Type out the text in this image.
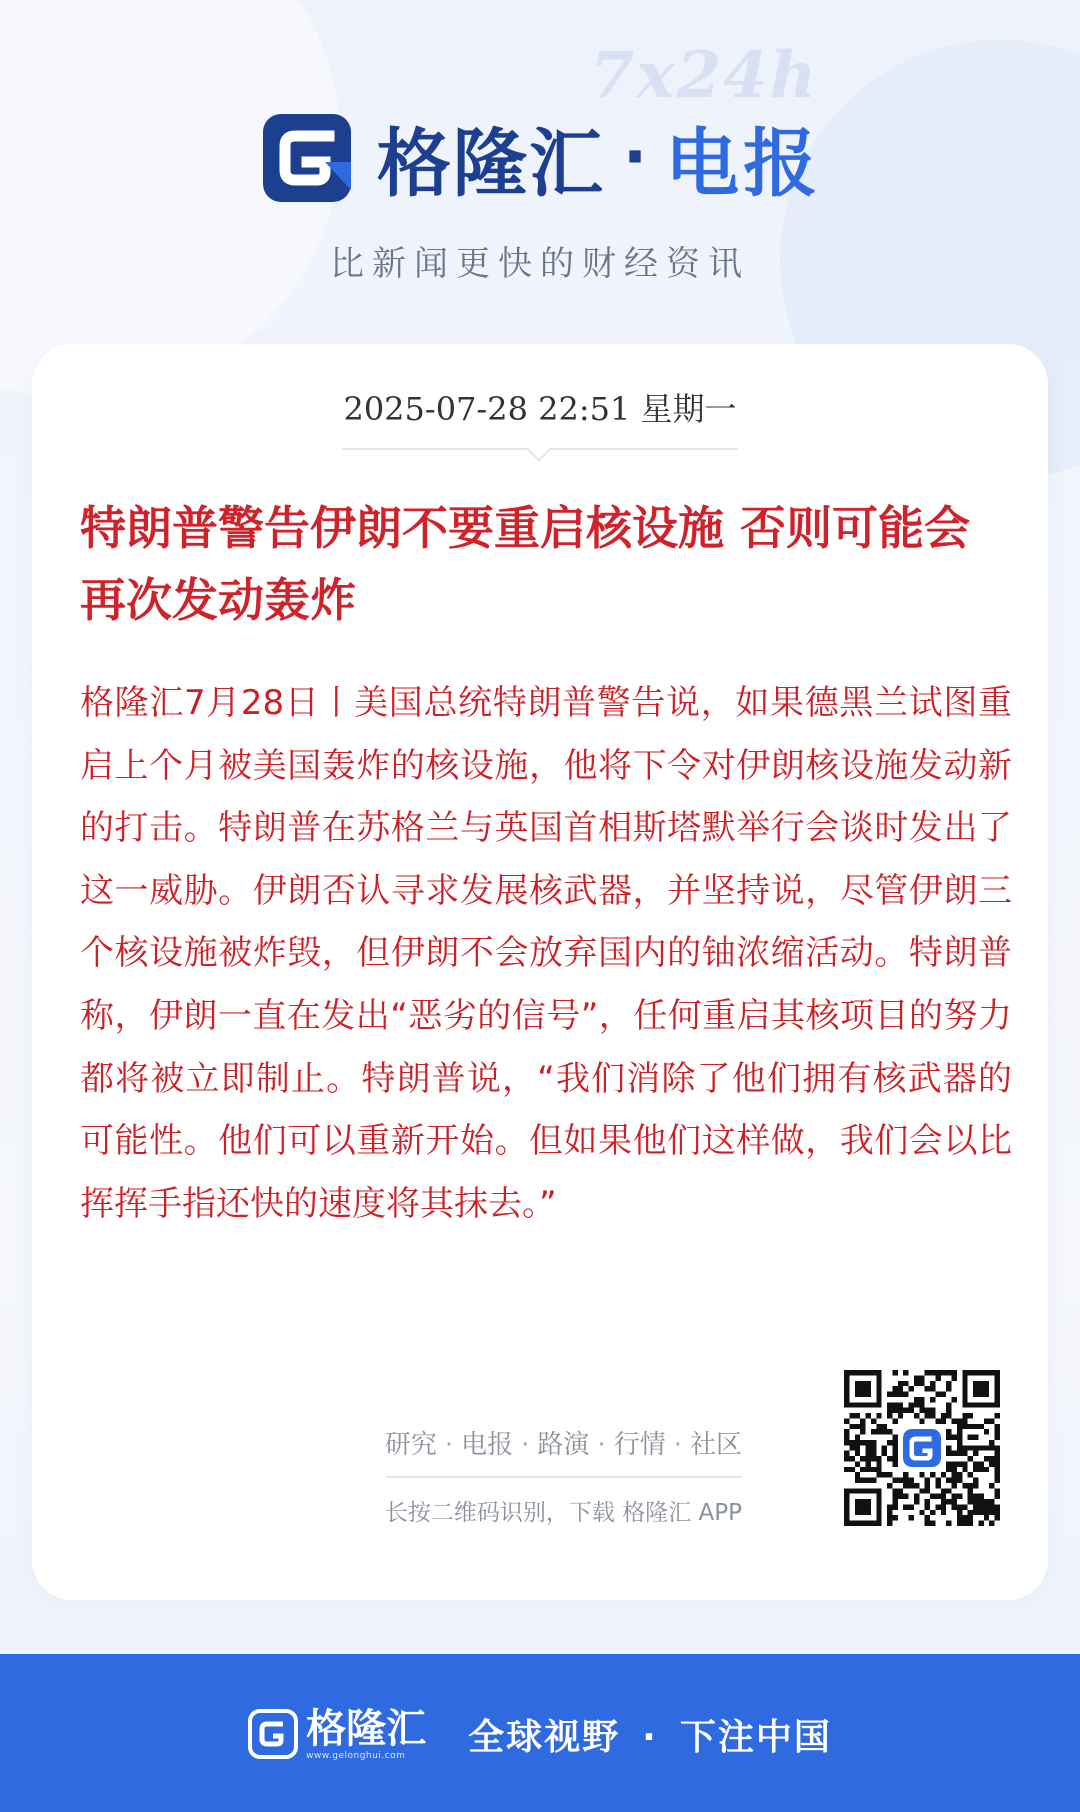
7x24h
格隆汇 · 电报
比新闻更快的财经资讯
2025-07-28 22:51 星期一
特朗普警告伊朗不要重启核设施 否则可能会再次发动轰炸

格隆汇7月28日丨美国总统特朗普警告说，如果德黑兰试图重启上个月被美国轰炸的核设施，他将下令对伊朗核设施发动新的打击。特朗普在苏格兰与英国首相斯塔默举行会谈时发出了这一威胁。伊朗否认寻求发展核武器，并坚持说，尽管伊朗三个核设施被炸毁，但伊朗不会放弃国内的铀浓缩活动。特朗普称，伊朗一直在发出“恶劣的信号”，任何重启其核项目的努力都将被立即制止。特朗普说，“我们消除了他们拥有核武器的可能性。他们可以重新开始。但如果他们这样做，我们会以比挥挥手指还快的速度将其抹去。”

研究 · 电报 · 路演 · 行情 · 社区
长按二维码识别，下载 格隆汇 APP
格隆汇
www.gelonghui.com 全球视野 · 下注中国
